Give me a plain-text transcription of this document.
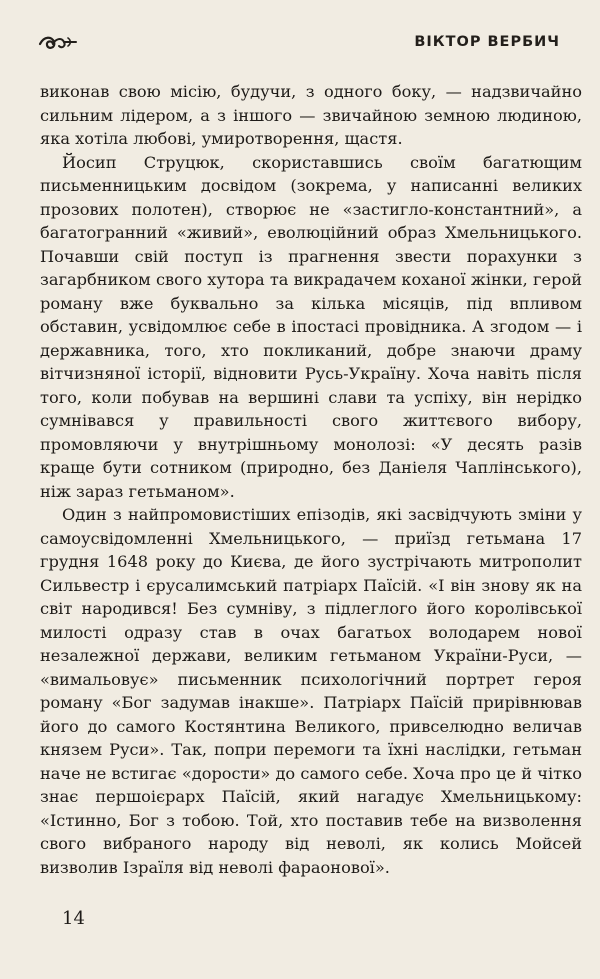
ВІКТОР ВЕРБИЧ

виконав свою місію, будучи, з одного боку, — надзвичайно сильним лідером, а з іншого — звичайною земною людиною, яка хотіла любові, умиротворення, щастя.

Йосип Струцюк, скориставшись своїм багатющим письменницьким досвідом (зокрема, у написанні великих прозових полотен), створює не «застигло-константний», а багатогранний «живий», еволюційний образ Хмельницького. Почавши свій поступ із прагнення звести порахунки з загарбником свого хутора та викрадачем коханої жінки, герой роману вже буквально за кілька місяців, під впливом обставин, усвідомлює себе в іпостасі провідника. А згодом — і державника, того, хто покликаний, добре знаючи драму вітчизняної історії, відновити Русь-Україну. Хоча навіть після того, коли побував на вершині слави та успіху, він нерідко сумнівався у правильності свого життєвого вибору, промовляючи у внутрішньому монолозі: «У десять разів краще бути сотником (природно, без Даніеля Чаплінського), ніж зараз гетьманом».

Один з найпромовистіших епізодів, які засвідчують зміни у самоусвідомленні Хмельницького, — приїзд гетьмана 17 грудня 1648 року до Києва, де його зустрічають митрополит Сильвестр і єрусалимський патріарх Паїсій. «І він знову як на світ народився! Без сумніву, з підлеглого його королівської милості одразу став в очах багатьох володарем нової незалежної держави, великим гетьманом України-Руси, — «вимальовує» письменник психологічний портрет героя роману «Бог задумав інакше». Патріарх Паїсій прирівнював його до самого Костянтина Великого, привселюдно величав князем Руси». Так, попри перемоги та їхні наслідки, гетьман наче не встигає «дорости» до самого себе. Хоча про це й чітко знає першоієрарх Паїсій, який нагадує Хмельницькому: «Істинно, Бог з тобою. Той, хто поставив тебе на визволення свого вибраного народу від неволі, як колись Мойсей визволив Ізраїля від неволі фараонової».

14
